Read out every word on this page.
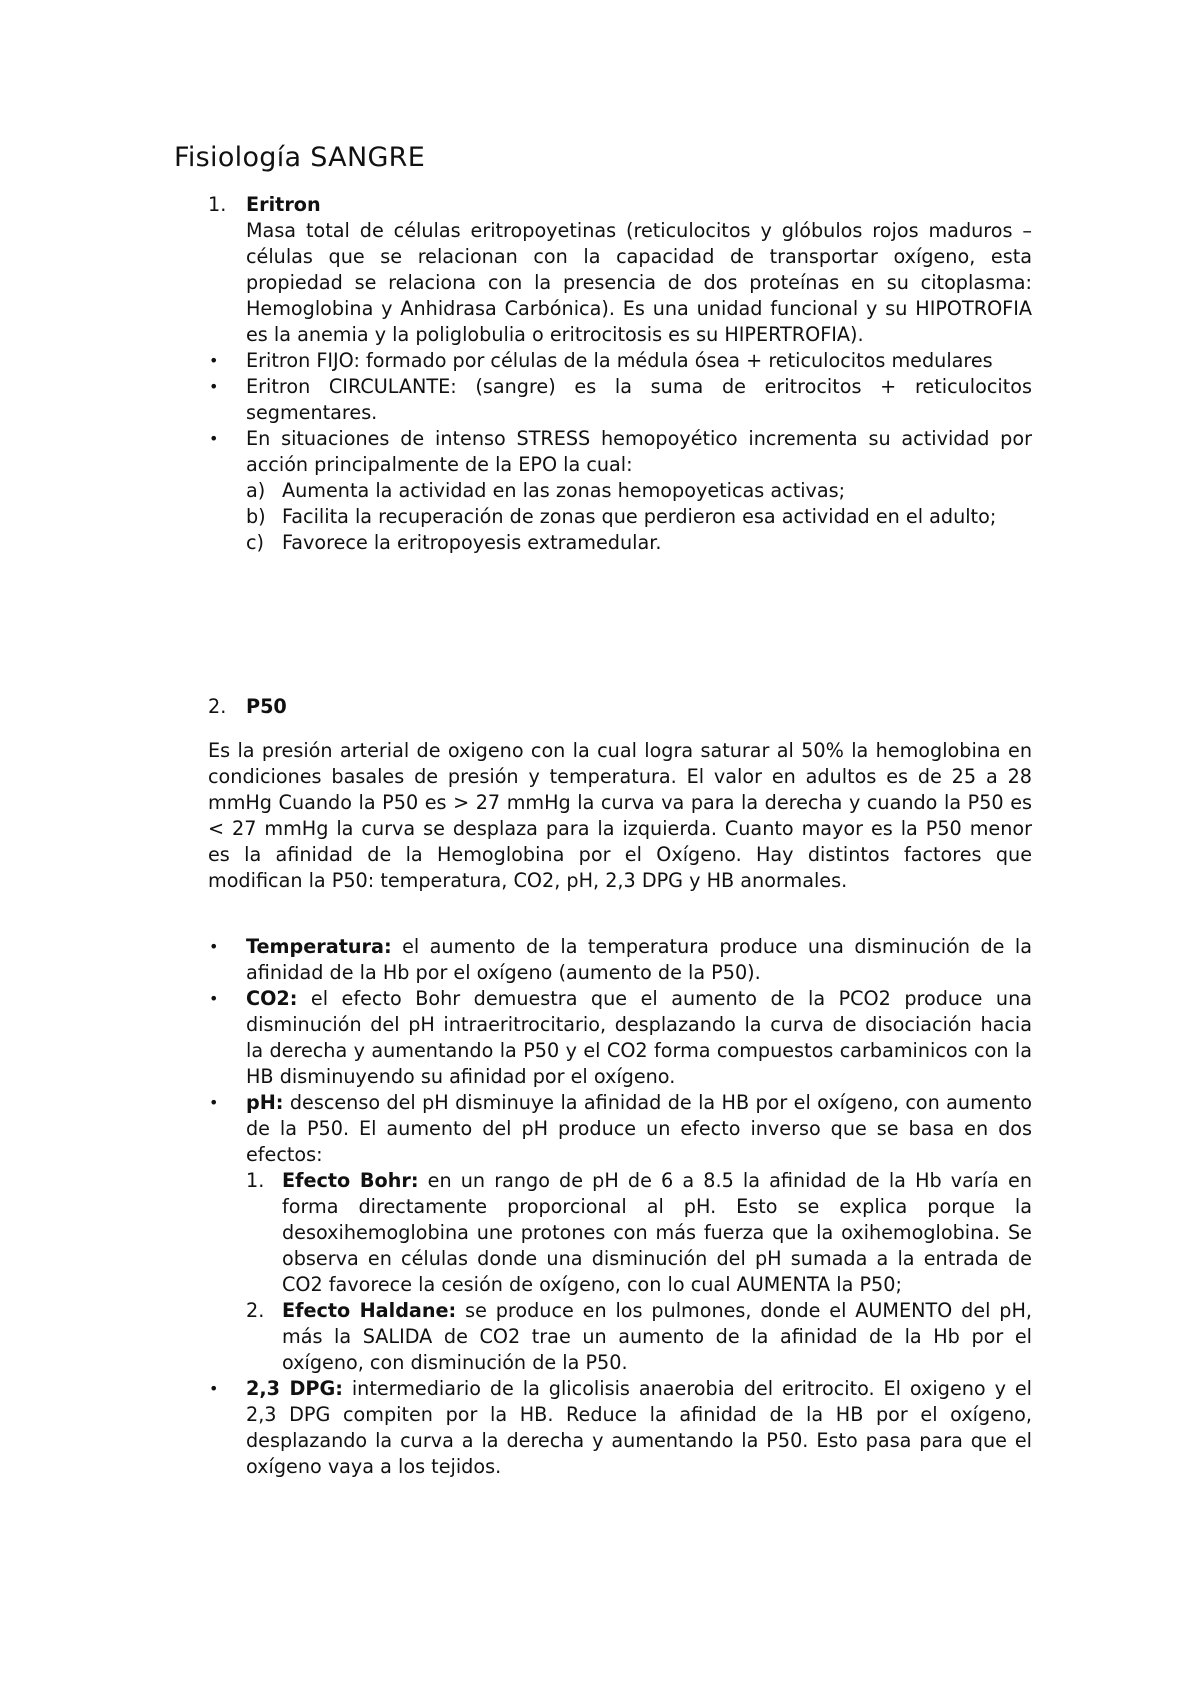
Fisiología SANGRE
1. Eritron
Masa total de células eritropoyetinas (reticulocitos y glóbulos rojos maduros – células que se relacionan con la capacidad de transportar oxígeno, esta propiedad se relaciona con la presencia de dos proteínas en su citoplasma: Hemoglobina y Anhidrasa Carbónica). Es una unidad funcional y su HIPOTROFIA es la anemia y la poliglobulia o eritrocitosis es su HIPERTROFIA).
• Eritron FIJO: formado por células de la médula ósea + reticulocitos medulares
• Eritron CIRCULANTE: (sangre) es la suma de eritrocitos + reticulocitos segmentares.
• En situaciones de intenso STRESS hemopoyético incrementa su actividad por acción principalmente de la EPO la cual:
a) Aumenta la actividad en las zonas hemopoyeticas activas;
b) Facilita la recuperación de zonas que perdieron esa actividad en el adulto;
c) Favorece la eritropoyesis extramedular.
2. P50
Es la presión arterial de oxigeno con la cual logra saturar al 50% la hemoglobina en condiciones basales de presión y temperatura. El valor en adultos es de 25 a 28 mmHg Cuando la P50 es > 27 mmHg la curva va para la derecha y cuando la P50 es < 27 mmHg la curva se desplaza para la izquierda. Cuanto mayor es la P50 menor es la afinidad de la Hemoglobina por el Oxígeno. Hay distintos factores que modifican la P50: temperatura, CO2, pH, 2,3 DPG y HB anormales.
• Temperatura: el aumento de la temperatura produce una disminución de la afinidad de la Hb por el oxígeno (aumento de la P50).
• CO2: el efecto Bohr demuestra que el aumento de la PCO2 produce una disminución del pH intraeritrocitario, desplazando la curva de disociación hacia la derecha y aumentando la P50 y el CO2 forma compuestos carbaminicos con la HB disminuyendo su afinidad por el oxígeno.
• pH: descenso del pH disminuye la afinidad de la HB por el oxígeno, con aumento de la P50. El aumento del pH produce un efecto inverso que se basa en dos efectos:
1. Efecto Bohr: en un rango de pH de 6 a 8.5 la afinidad de la Hb varía en forma directamente proporcional al pH. Esto se explica porque la desoxihemoglobina une protones con más fuerza que la oxihemoglobina. Se observa en células donde una disminución del pH sumada a la entrada de CO2 favorece la cesión de oxígeno, con lo cual AUMENTA la P50;
2. Efecto Haldane: se produce en los pulmones, donde el AUMENTO del pH, más la SALIDA de CO2 trae un aumento de la afinidad de la Hb por el oxígeno, con disminución de la P50.
• 2,3 DPG: intermediario de la glicolisis anaerobia del eritrocito. El oxigeno y el 2,3 DPG compiten por la HB. Reduce la afinidad de la HB por el oxígeno, desplazando la curva a la derecha y aumentando la P50. Esto pasa para que el oxígeno vaya a los tejidos.
